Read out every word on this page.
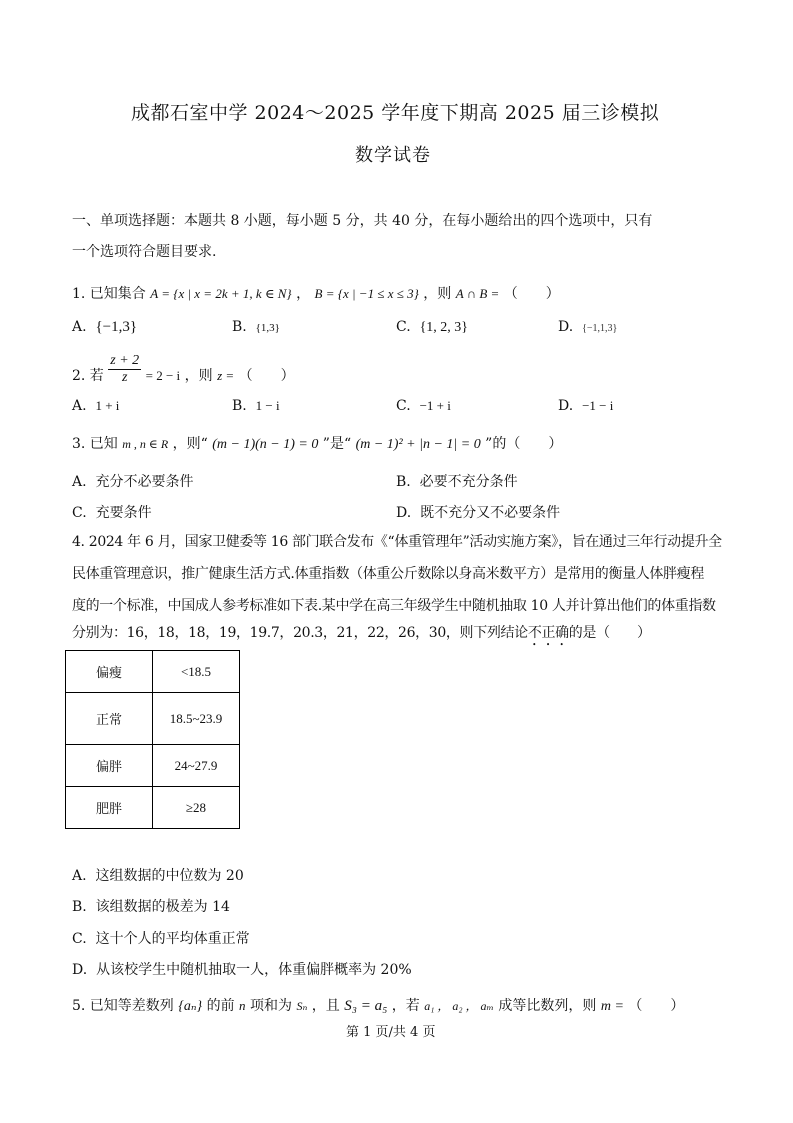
成都石室中学 2024～2025 学年度下期高 2025 届三诊模拟
数学试卷
一、单项选择题：本题共 8 小题，每小题 5 分，共 40 分，在每小题给出的四个选项中，只有
一个选项符合题目要求.
1. 已知集合 A = {x | x = 2k + 1, k ∈ N} ， B = {x | −1 ≤ x ≤ 3} ，则 A ∩ B = （　　）
A. {−1,3}	B. {1,3}	C. {1, 2, 3}	D. {−1,1,3}
2. 若 $\frac{z + 2}{z} = 2 - i$ ，则 z = （　　）
A. 1 + i	B. 1 − i	C. −1 + i	D. −1 − i
3. 已知 m , n ∈ R ，则“ (m − 1)(n − 1) = 0 ”是“ (m − 1)² + |n − 1| = 0 ”的（　　）
A. 充分不必要条件	B. 必要不充分条件
C. 充要条件	D. 既不充分又不必要条件
4. 2024 年 6 月，国家卫健委等 16 部门联合发布《“体重管理年”活动实施方案》，旨在通过三年行动提升全
民体重管理意识，推广健康生活方式.体重指数（体重公斤数除以身高米数平方）是常用的衡量人体胖瘦程
度的一个标准，中国成人参考标准如下表.某中学在高三年级学生中随机抽取 10 人并计算出他们的体重指数
分别为：16，18，18，19，19.7，20.3，21，22，26，30，则下列结论不正确的是（　　）
偏瘦	<18.5
正常	18.5~23.9
偏胖	24~27.9
肥胖	≥28
A. 这组数据的中位数为 20
B. 该组数据的极差为 14
C. 这十个人的平均体重正常
D. 从该校学生中随机抽取一人，体重偏胖概率为 20%
5. 已知等差数列 {aₙ} 的前 n 项和为 Sₙ ，且 S₃ = a₅ ，若 a₁ ， a₂ ， aₘ 成等比数列，则 m = （　　）
第 1 页/共 4 页
